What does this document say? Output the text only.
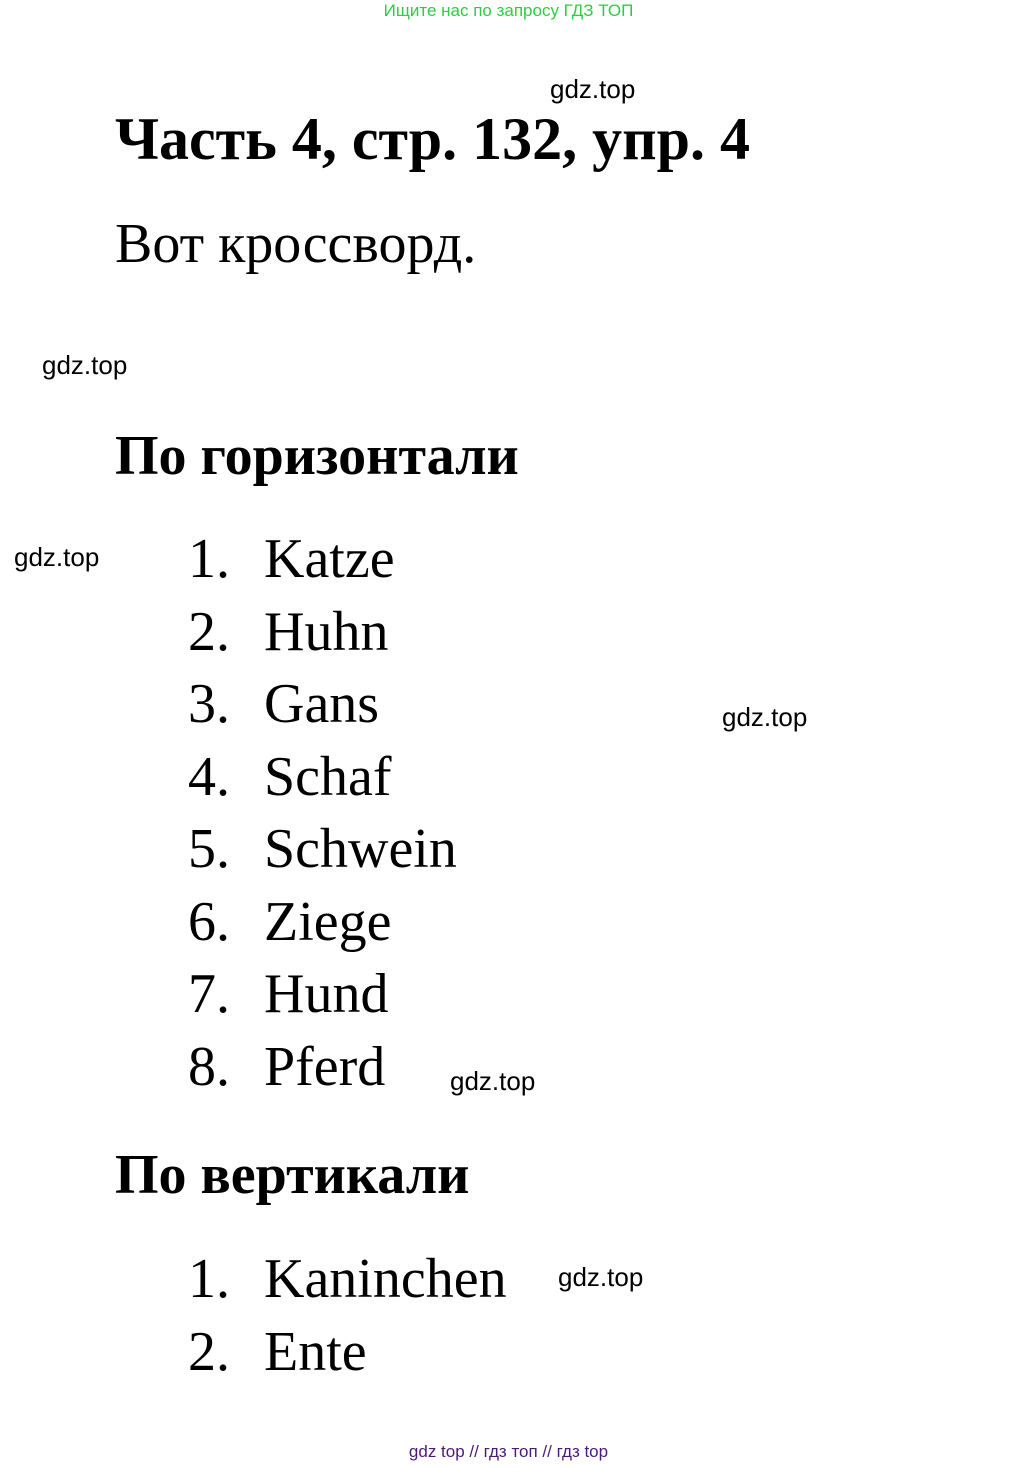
Ищите нас по запросу ГДЗ ТОП
gdz.top
Часть 4, стр. 132, упр. 4
Вот кроссворд.
gdz.top
По горизонтали
gdz.top 1. Katze
2. Huhn
3. Gans
4. Schaf
5. Schwein
6. Ziege
7. Hund
8. Pferd
gdz.top
gdz.top
По вертикали
1. Kaninchen
2. Ente
gdz.top
gdz top // гдз топ // гдз top
